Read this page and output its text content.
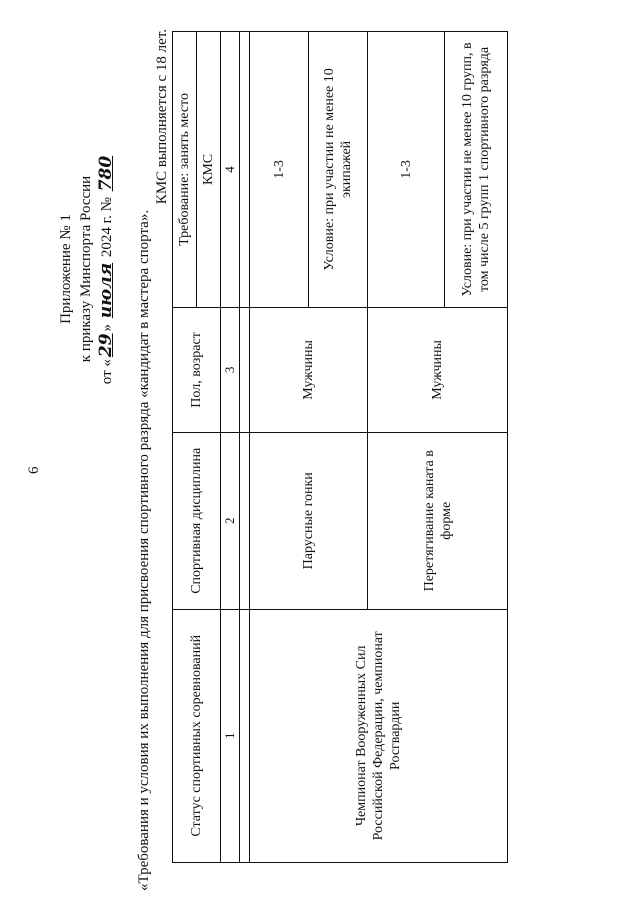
6
Приложение № 1 к приказу Минспорта России
от «29» июля 2024 г. № 780
«Требования и условия их выполнения для присвоения спортивного разряда «кандидат в мастера спорта».
КМС выполняется с 18 лет.
Статус спортивных соревнований	Спортивная дисциплина	Пол, возраст	Требование: занять место
			КМС
1	2	3	4

Чемпионат Вооруженных Сил Российской Федерации, чемпионат Росгвардии	Парусные гонки	Мужчины	1-3
			Условие: при участии не менее 10 экипажей
	Перетягивание каната в форме	Мужчины	1-3
			Условие: при участии не менее 10 групп, в том числе 5 групп 1 спортивного разряда
